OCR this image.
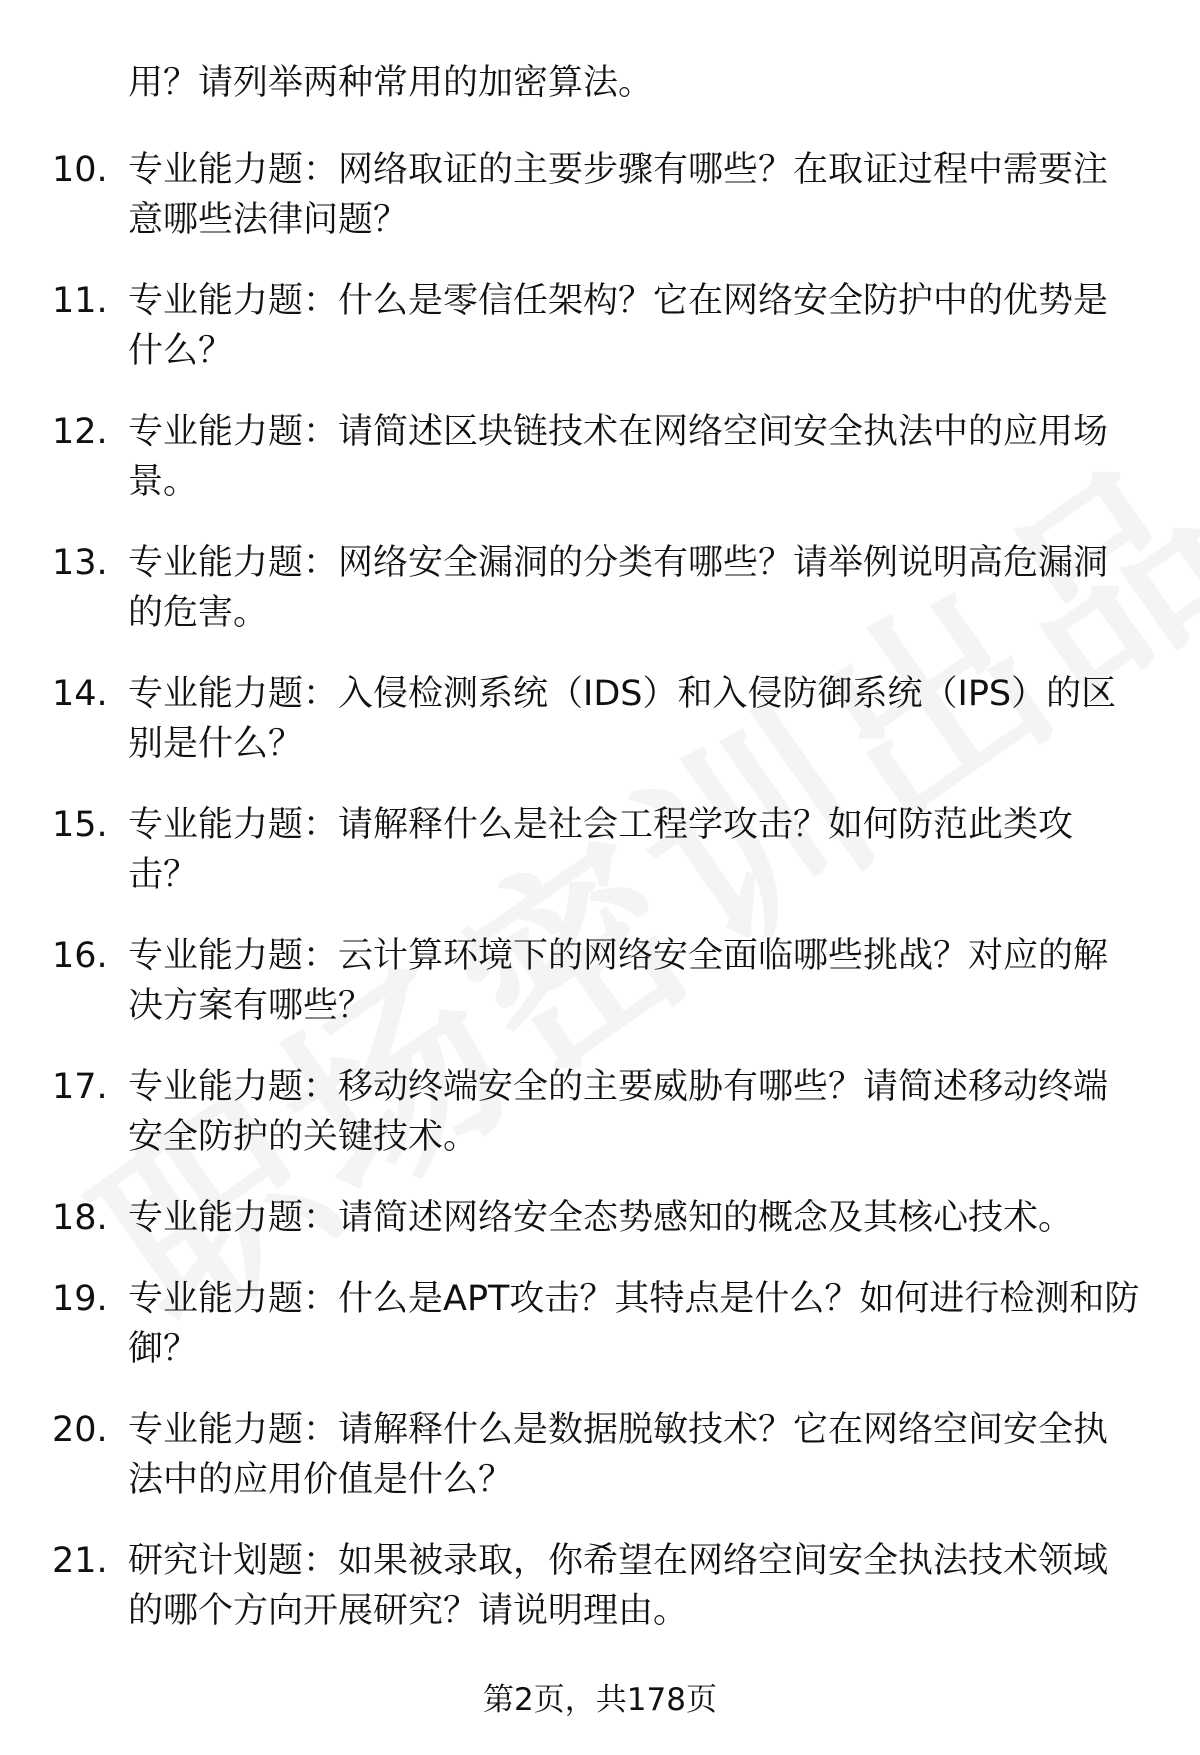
用？请列举两种常用的加密算法。
10. 专业能力题：网络取证的主要步骤有哪些？在取证过程中需要注意哪些法律问题？
11. 专业能力题：什么是零信任架构？它在网络安全防护中的优势是什么？
12. 专业能力题：请简述区块链技术在网络空间安全执法中的应用场景。
13. 专业能力题：网络安全漏洞的分类有哪些？请举例说明高危漏洞的危害。
14. 专业能力题：入侵检测系统（IDS）和入侵防御系统（IPS）的区别是什么？
15. 专业能力题：请解释什么是社会工程学攻击？如何防范此类攻击？
16. 专业能力题：云计算环境下的网络安全面临哪些挑战？对应的解决方案有哪些？
17. 专业能力题：移动终端安全的主要威胁有哪些？请简述移动终端安全防护的关键技术。
18. 专业能力题：请简述网络安全态势感知的概念及其核心技术。
19. 专业能力题：什么是APT攻击？其特点是什么？如何进行检测和防御？
20. 专业能力题：请解释什么是数据脱敏技术？它在网络空间安全执法中的应用价值是什么？
21. 研究计划题：如果被录取，你希望在网络空间安全执法技术领域的哪个方向开展研究？请说明理由。
第2页，共178页
